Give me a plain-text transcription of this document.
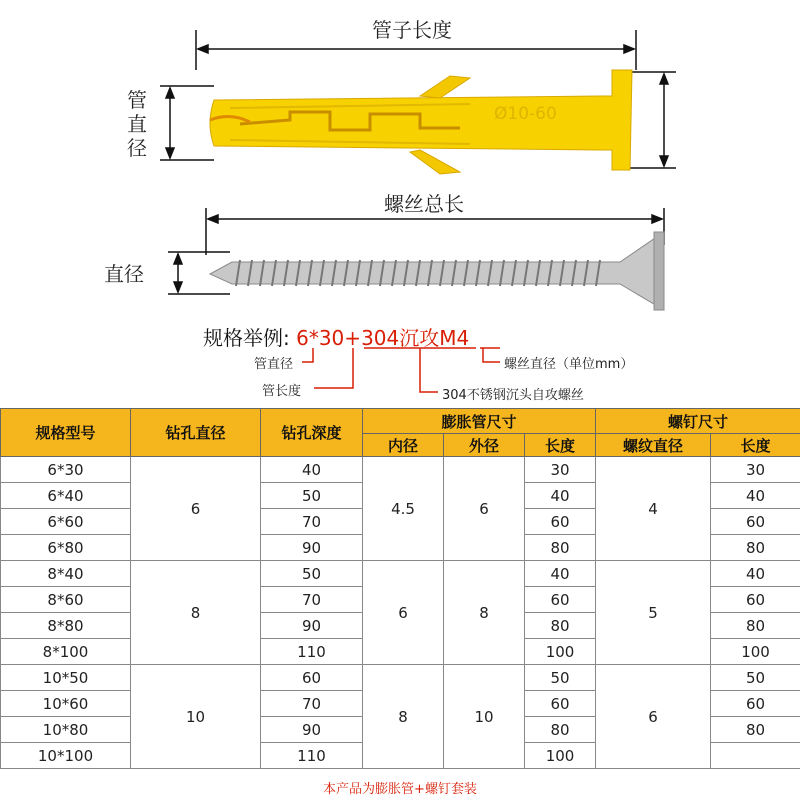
管子长度
管直径
螺丝总长
直径
Ø10-60
规格举例: 6*30+304沉攻M4
管直径
管长度
螺丝直径（单位mm）
304不锈钢沉头自攻螺丝
规格型号	钻孔直径	钻孔深度	膨胀管尺寸			螺钉尺寸	
			内径	外径	长度	螺纹直径	长度
6*30	6	40	4.5	6	30	4	30
6*40		50			40		40
6*60		70			60		60
6*80		90			80		80
8*40	8	50	6	8	40	5	40
8*60		70			60		60
8*80		90			80		80
8*100		110			100		100
10*50	10	60	8	10	50	6	50
10*60		70			60		60
10*80		90			80		80
10*100		110			100		
本产品为膨胀管+螺钉套装
